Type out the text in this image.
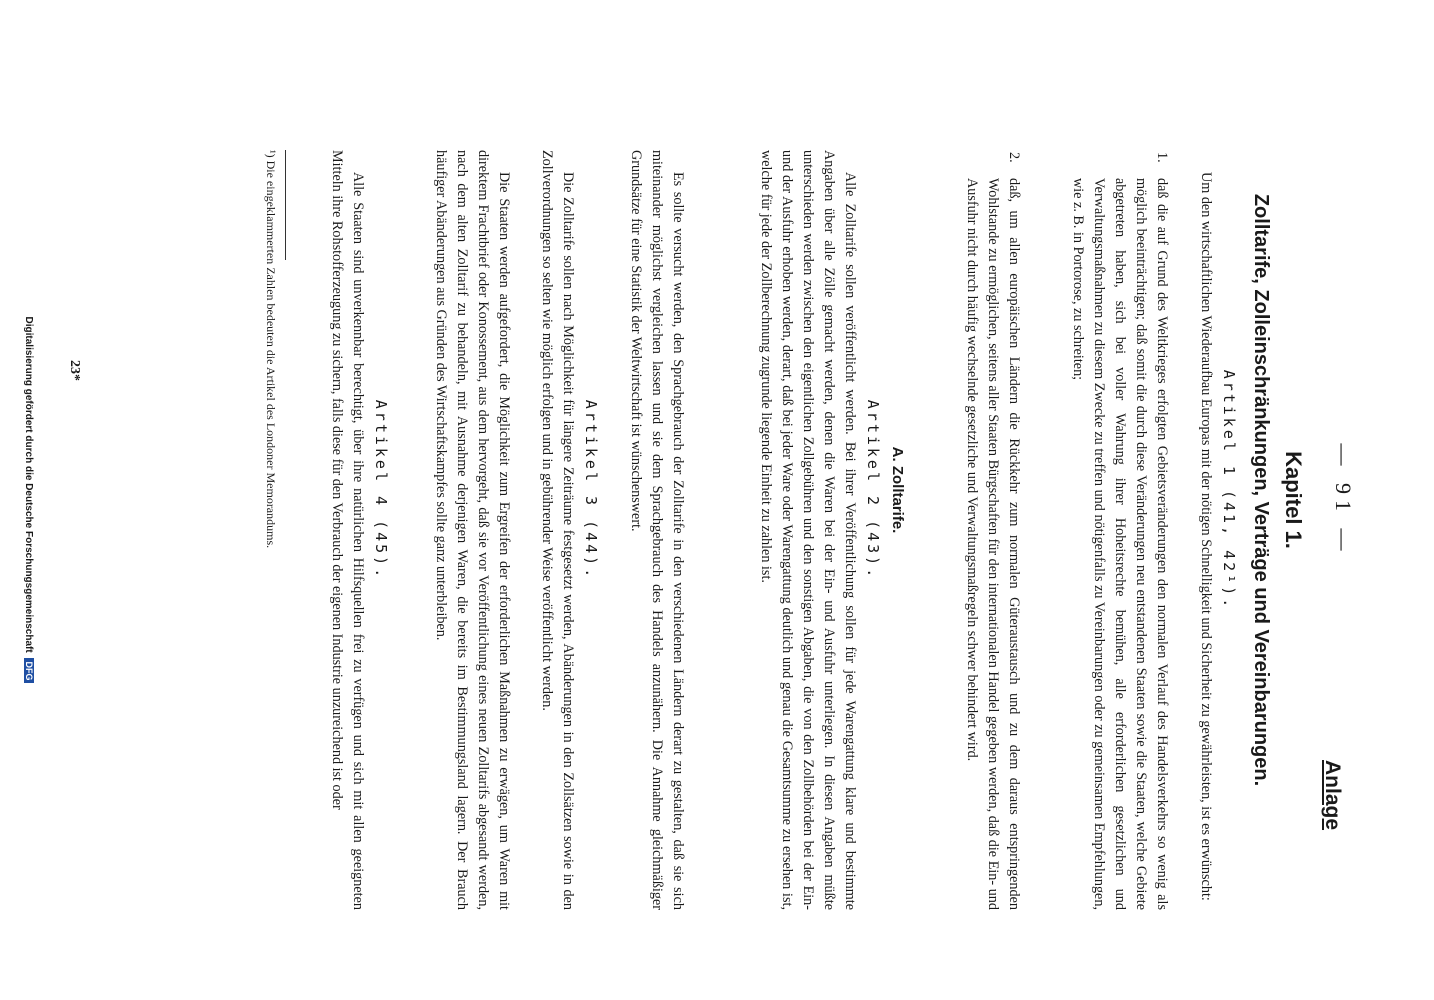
— 91 —
Anlage
Kapitel 1.
Zolltarife, Zolleinschränkungen, Verträge und Vereinbarungen.
Artikel 1 (41, 42¹).
Um den wirtschaftlichen Wiederaufbau Europas mit der nötigen Schnelligkeit und Sicherheit zu gewährleisten, ist es erwünscht:
1.
daß die auf Grund des Weltkrieges erfolgten Gebietsveränderungen den normalen Verlauf des Handelsverkehrs so wenig als möglich beeinträchtigen; daß somit die durch diese Veränderungen neu entstandenen Staaten sowie die Staaten, welche Gebiete abgetreten haben, sich bei voller Wahrung ihrer Hoheitsrechte bemühen, alle erforderlichen gesetzlichen und Verwaltungsmaßnahmen zu diesem Zwecke zu treffen und nötigenfalls zu Vereinbarungen oder zu gemeinsamen Empfehlungen, wie z. B. in Portorose, zu schreiten;
2.
daß, um allen europäischen Ländern die Rückkehr zum normalen Güteraustausch und zu dem daraus entspringenden Wohlstande zu ermöglichen, seitens aller Staaten Bürgschaften für den internationalen Handel gegeben werden, daß die Ein- und Ausfuhr nicht durch häufig wechselnde gesetzliche und Verwaltungsmaßregeln schwer behindert wird.
A. Zolltarife.
Artikel 2 (43).
Alle Zolltarife sollen veröffentlicht werden. Bei ihrer Veröffentlichung sollen für jede Warengattung klare und bestimmte Angaben über alle Zölle gemacht werden, denen die Waren bei der Ein- und Ausfuhr unterliegen. In diesen Angaben müßte unterschieden werden zwischen den eigentlichen Zollgebühren und den sonstigen Abgaben, die von den Zollbehörden bei der Ein- und der Ausfuhr erhoben werden, derart, daß bei jeder Ware oder Warengattung deutlich und genau die Gesamtsumme zu ersehen ist, welche für jede der Zollberechnung zugrunde liegende Einheit zu zahlen ist.
Es sollte versucht werden, den Sprachgebrauch der Zolltarife in den verschiedenen Ländern derart zu gestalten, daß sie sich miteinander möglichst vergleichen lassen und sie dem Sprachgebrauch des Handels anzunähern. Die Annahme gleichmäßiger Grundsätze für eine Statistik der Weltwirtschaft ist wünschenswert.
Artikel 3 (44).
Die Zolltarife sollen nach Möglichkeit für längere Zeiträume festgesetzt werden, Abänderungen in den Zollsätzen sowie in den Zollverordnungen so selten wie möglich erfolgen und in gebührender Weise veröffentlicht werden.
Die Staaten werden aufgefordert, die Möglichkeit zum Ergreifen der erforderlichen Maßnahmen zu erwägen, um Waren mit direktem Frachtbrief oder Konossement, aus dem hervorgeht, daß sie vor Veröffentlichung eines neuen Zolltarifs abgesandt werden, nach dem alten Zolltarif zu behandeln, mit Ausnahme derjenigen Waren, die bereits im Bestimmungsland lagern. Der Brauch häufiger Abänderungen aus Gründen des Wirtschaftskampfes sollte ganz unterbleiben.
Artikel 4 (45).
Alle Staaten sind unverkennbar berechtigt, über ihre natürlichen Hilfsquellen frei zu verfügen und sich mit allen geeigneten Mitteln ihre Rohstofferzeugung zu sichern, falls diese für den Verbrauch der eigenen Industrie unzureichend ist oder
¹) Die eingeklammerten Zahlen bedeuten die Artikel des Londoner Memorandums.
23*
Digitalisierung gefördert durch die Deutsche Forschungsgemeinschaft DFG
